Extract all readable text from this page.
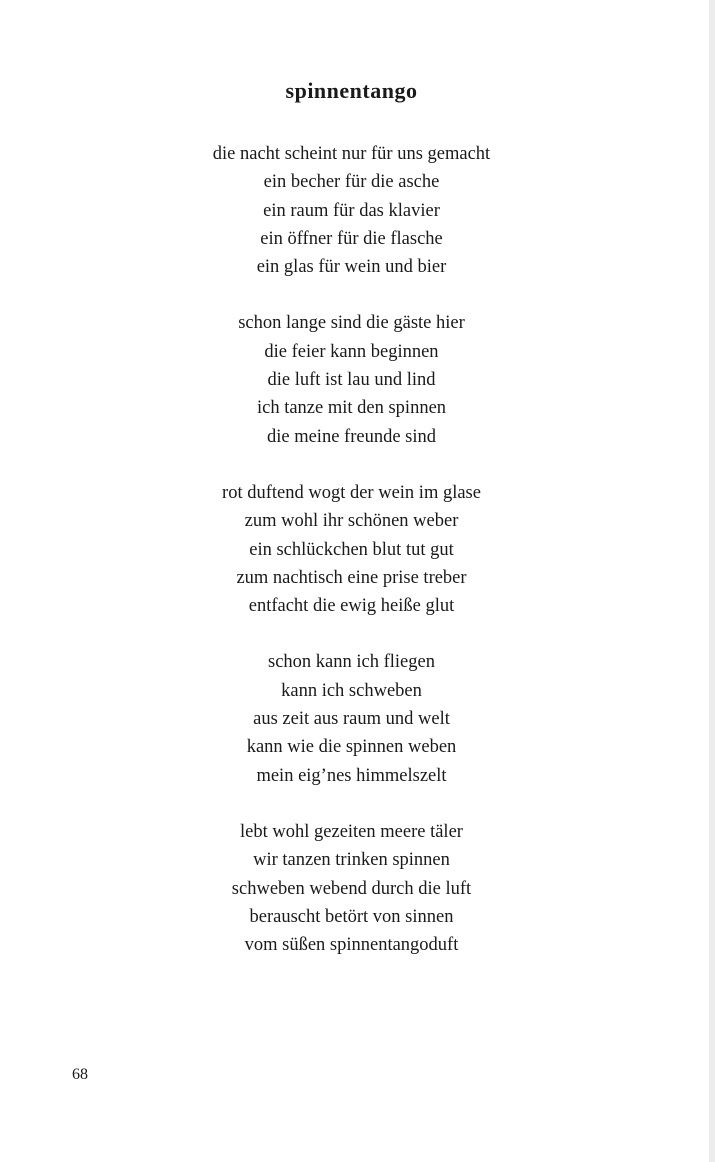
spinnentango
die nacht scheint nur für uns gemacht
ein becher für die asche
ein raum für das klavier
ein öffner für die flasche
ein glas für wein und bier
schon lange sind die gäste hier
die feier kann beginnen
die luft ist lau und lind
ich tanze mit den spinnen
die meine freunde sind
rot duftend wogt der wein im glase
zum wohl ihr schönen weber
ein schlückchen blut tut gut
zum nachtisch eine prise treber
entfacht die ewig heiße glut
schon kann ich fliegen
kann ich schweben
aus zeit aus raum und welt
kann wie die spinnen weben
mein eig’nes himmelszelt
lebt wohl gezeiten meere täler
wir tanzen trinken spinnen
schweben webend durch die luft
berauscht betört von sinnen
vom süßen spinnentangoduft
68
